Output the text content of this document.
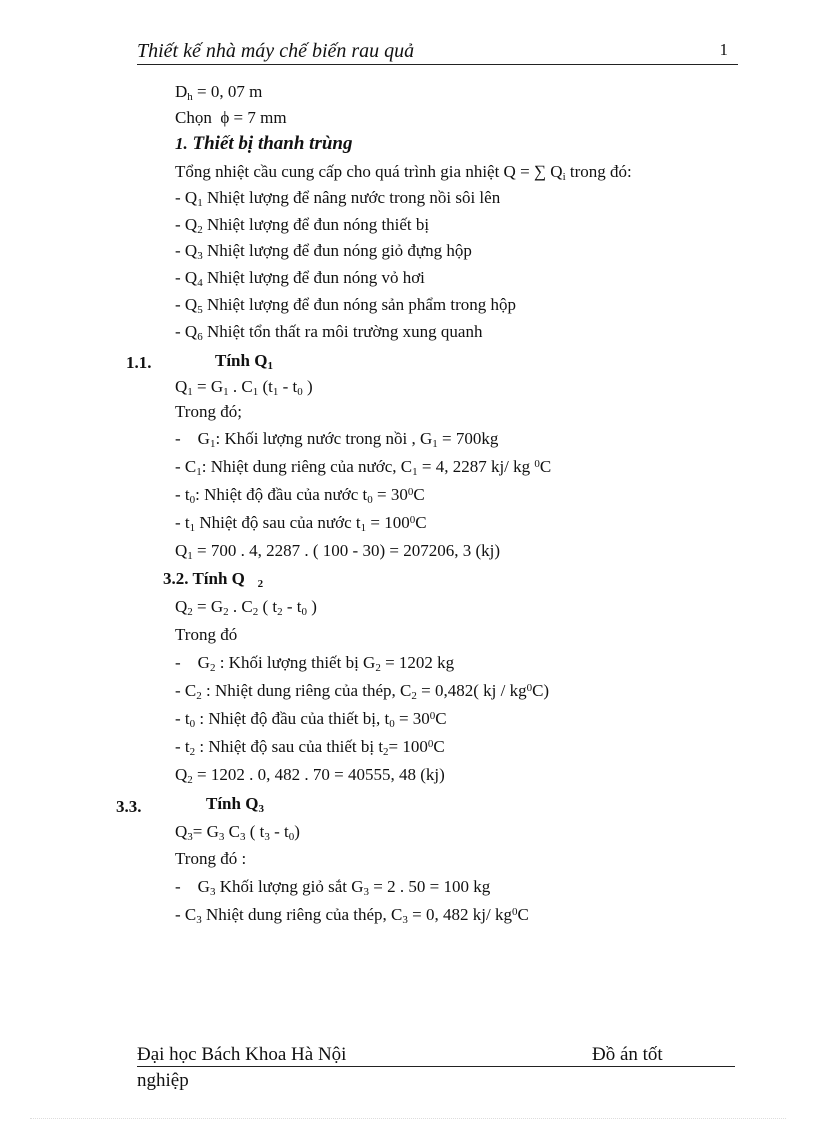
Thiết kế nhà máy chế biến rau quả	1
$D_h = 0$, 07 m
Chọn ϕ = 7 mm
1. Thiết bị thanh trùng
Tổng nhiệt cầu cung cấp cho quá trình gia nhiệt Q = ∑ $Q_i$ trong đó:
- $Q_1$ Nhiệt lượng để nâng nước trong nồi sôi lên
- $Q_2$ Nhiệt lượng để đun nóng thiết bị
- $Q_3$ Nhiệt lượng để đun nóng giỏ đựng hộp
- $Q_4$ Nhiệt lượng để đun nóng vỏ hơi
- $Q_5$ Nhiệt lượng để đun nóng sản phẩm trong hộp
- $Q_6$ Nhiệt tổn thất ra môi trường xung quanh
1.1.	Tính $Q_1$
$Q_1 = G_1$ . $C_1$ ($t_1 - t_0$ )
Trong đó;
-    $G_1$: Khối lượng nước trong nồi , $G_1 = 700kg$
- $C_1$: Nhiệt dung riêng của nước, $C_1 = 4$, 2287 kj/ kg $^0$C
- $t_0$: Nhiệt độ đầu của nước $t_0 = 30^0C$
- $t_1$ Nhiệt độ sau của nước $t_1 = 100^0C$
$Q_1 = 700$ . 4, 2287 . ( 100 - 30) = 207206, 3 (kj)
3.2. Tính Q $_2$
$Q_2 = G_2$ . $C_2$ ( $t_2 - t_0$ )
Trong đó
-    $G_2$ : Khối lượng thiết bị $G_2 = 1202$ kg
- $C_2$ : Nhiệt dung riêng của thép, $C_2 = 0,482$( kj / $kg^0C$)
- $t_0$ : Nhiệt độ đầu của thiết bị, $t_0 = 30^0C$
- $t_2$ : Nhiệt độ sau của thiết bị $t_2= 100^0C$
$Q_2 = 1202$ . 0, 482 . 70 = 40555, 48 (kj)
3.3.	Tính $Q_3$
$Q_3= G_3$ $C_3$ ( $t_3 - t_0$)
Trong đó :
-    $G_3$ Khối lượng giỏ sắt $G_3 = 2$ . 50 = 100 kg
- $C_3$ Nhiệt dung riêng của thép, $C_3 = 0$, 482 kj/ $kg^0C$
Đại học Bách Khoa Hà Nội	Đồ án tốt
nghiệp
